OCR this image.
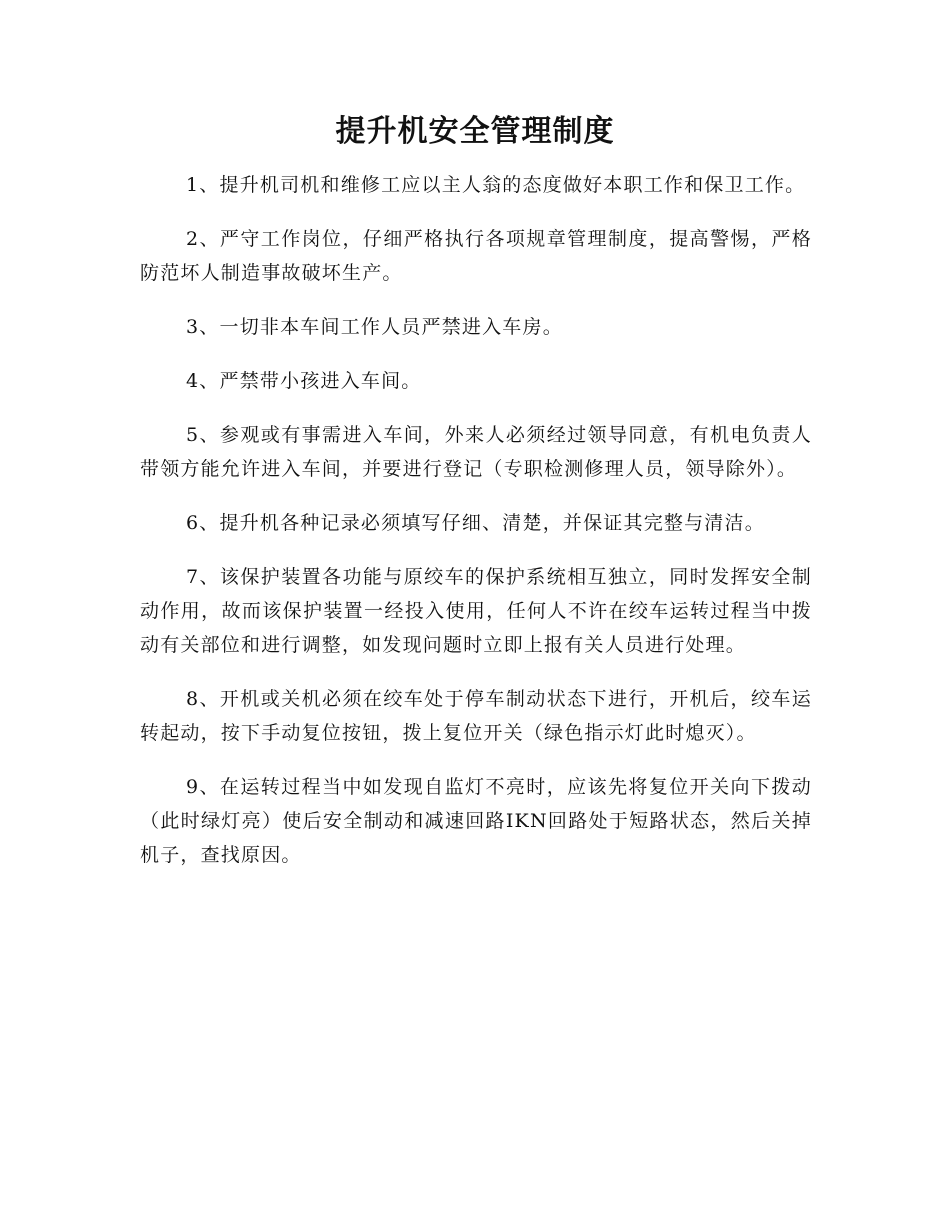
提升机安全管理制度

1、提升机司机和维修工应以主人翁的态度做好本职工作和保卫工作。

2、严守工作岗位，仔细严格执行各项规章管理制度，提高警惕，严格防范坏人制造事故破坏生产。

3、一切非本车间工作人员严禁进入车房。

4、严禁带小孩进入车间。

5、参观或有事需进入车间，外来人必须经过领导同意，有机电负责人带领方能允许进入车间，并要进行登记（专职检测修理人员，领导除外）。

6、提升机各种记录必须填写仔细、清楚，并保证其完整与清洁。

7、该保护装置各功能与原绞车的保护系统相互独立，同时发挥安全制动作用，故而该保护装置一经投入使用，任何人不许在绞车运转过程当中拨动有关部位和进行调整，如发现问题时立即上报有关人员进行处理。

8、开机或关机必须在绞车处于停车制动状态下进行，开机后，绞车运转起动，按下手动复位按钮，拨上复位开关（绿色指示灯此时熄灭）。

9、在运转过程当中如发现自监灯不亮时，应该先将复位开关向下拨动（此时绿灯亮）使后安全制动和减速回路IKN回路处于短路状态，然后关掉机子，查找原因。
